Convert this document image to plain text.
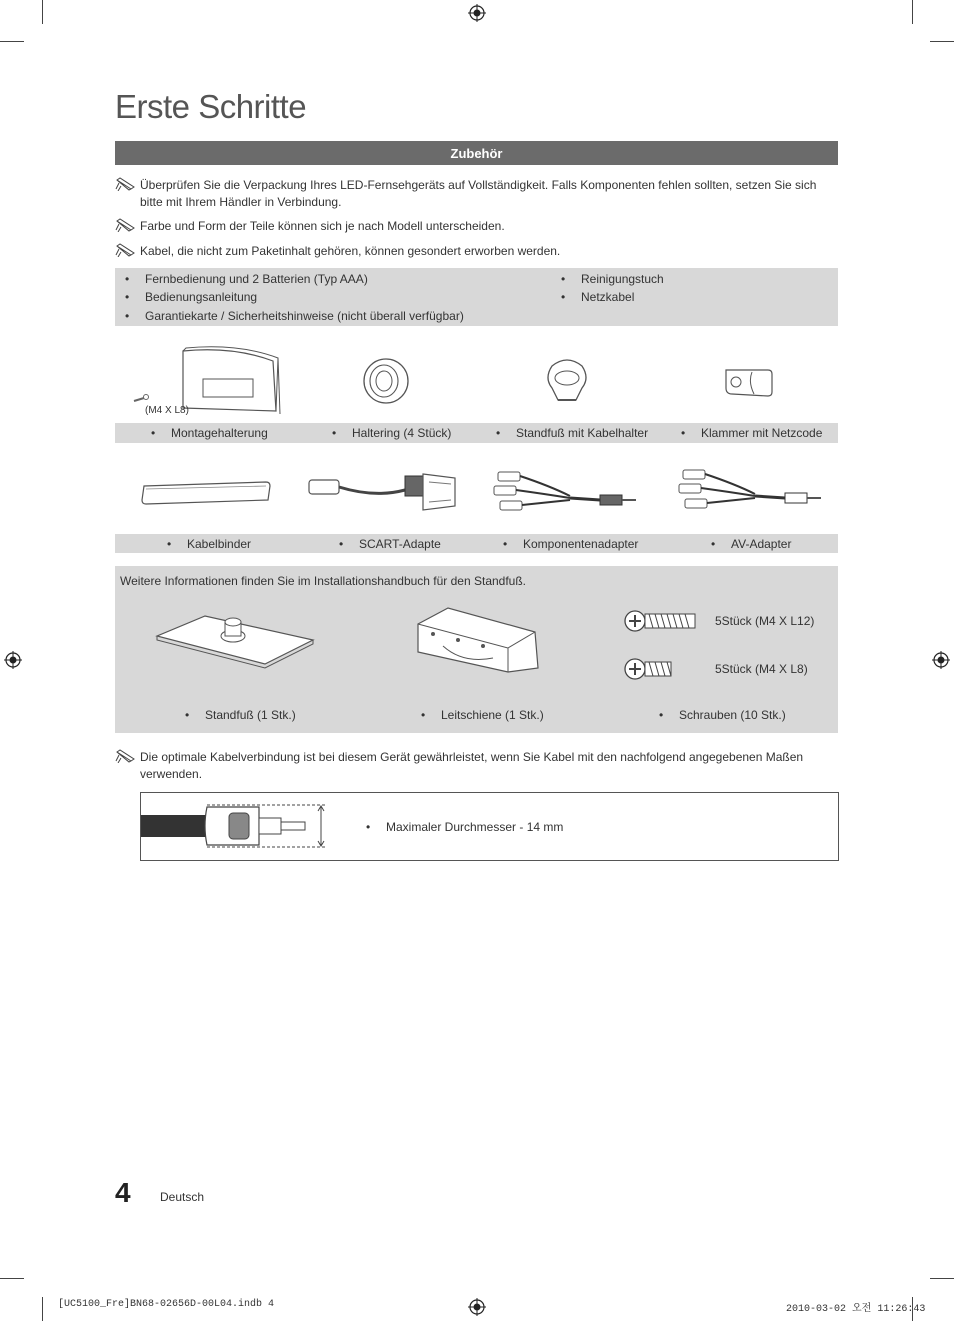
Erste Schritte
Zubehör
Überprüfen Sie die Verpackung Ihres LED-Fernsehgeräts auf Vollständigkeit. Falls Komponenten fehlen sollten, setzen Sie sich bitte mit Ihrem Händler in Verbindung.
Farbe und Form der Teile können sich je nach Modell unterscheiden.
Kabel, die nicht zum Paketinhalt gehören, können gesondert erworben werden.
• Fernbedienung und 2 Batterien (Typ AAA)
• Bedienungsanleitung
• Garantiekarte / Sicherheitshinweise (nicht überall verfügbar)
• Reinigungstuch
• Netzkabel
(M4 X L8)
• Montagehalterung	• Haltering (4 Stück)	• Standfuß mit Kabelhalter	• Klammer mit Netzcode
• Kabelbinder	• SCART-Adapte	• Komponentenadapter	• AV-Adapter
Weitere Informationen finden Sie im Installationshandbuch für den Standfuß.
5Stück (M4 X L12)
5Stück (M4 X L8)
• Standfuß (1 Stk.)	• Leitschiene (1 Stk.)	• Schrauben (10 Stk.)
Die optimale Kabelverbindung ist bei diesem Gerät gewährleistet, wenn Sie Kabel mit den nachfolgend angegebenen Maßen verwenden.
• Maximaler Durchmesser - 14 mm
4 Deutsch
[UC5100_Fre]BN68-02656D-00L04.indb 4	2010-03-02 오전 11:26:43
